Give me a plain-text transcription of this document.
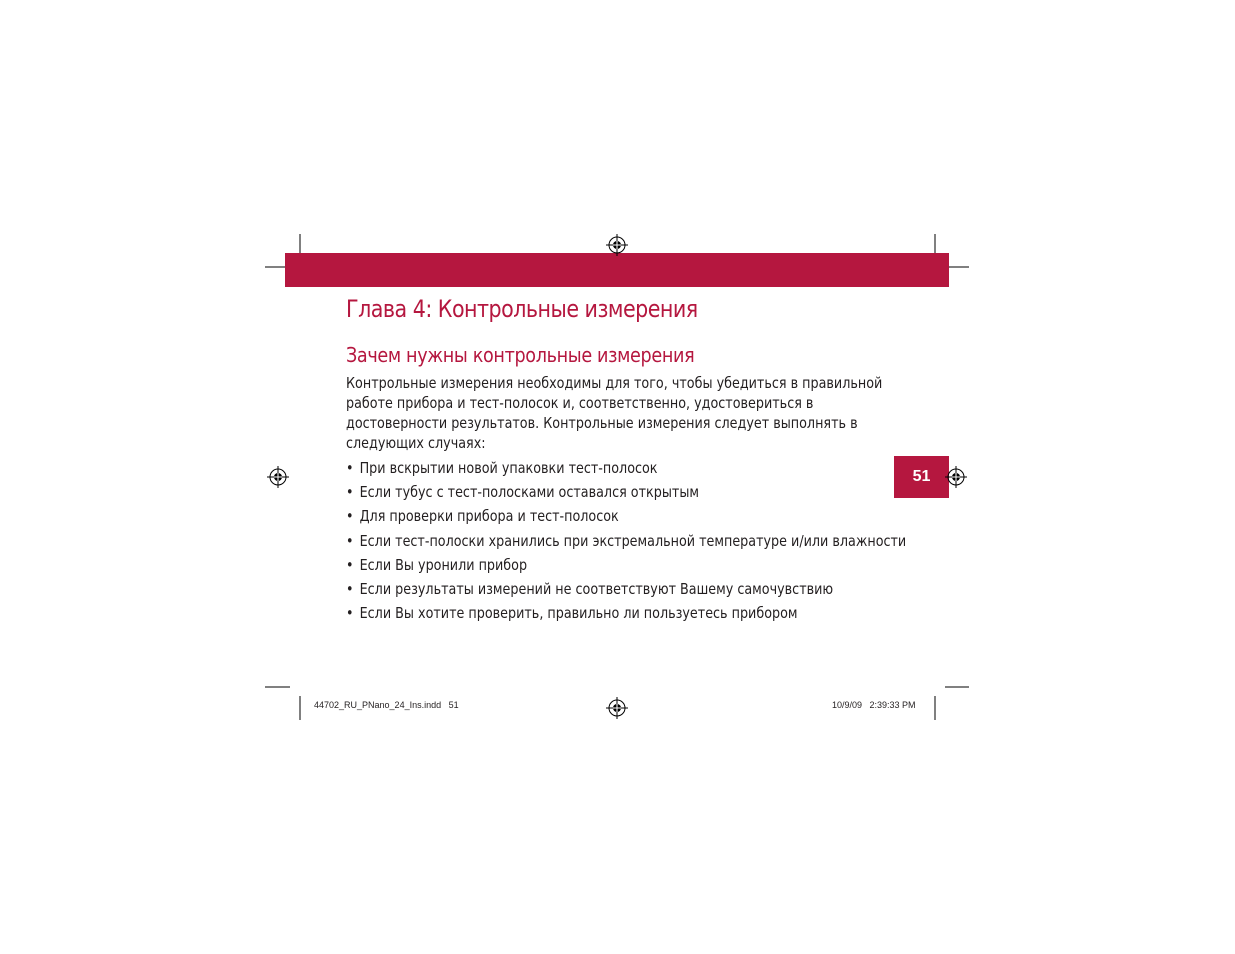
Глава 4: Контрольные измерения
Зачем нужны контрольные измерения

Контрольные измерения необходимы для того, чтобы убедиться в правильной
работе прибора и тест-полосок и, соответственно, удостовериться в
достоверности результатов. Контрольные измерения следует выполнять в
следующих случаях:

• При вскрытии новой упаковки тест-полосок
• Если тубус с тест-полосками оставался открытым
• Для проверки прибора и тест-полосок
• Если тест-полоски хранились при экстремальной температуре и/или влажности
• Если Вы уронили прибор
• Если результаты измерений не соответствуют Вашему самочувствию
• Если Вы хотите проверить, правильно ли пользуетесь прибором
51
44702_RU_PNano_24_Ins.indd   51	10/9/09   2:39:33 PM
